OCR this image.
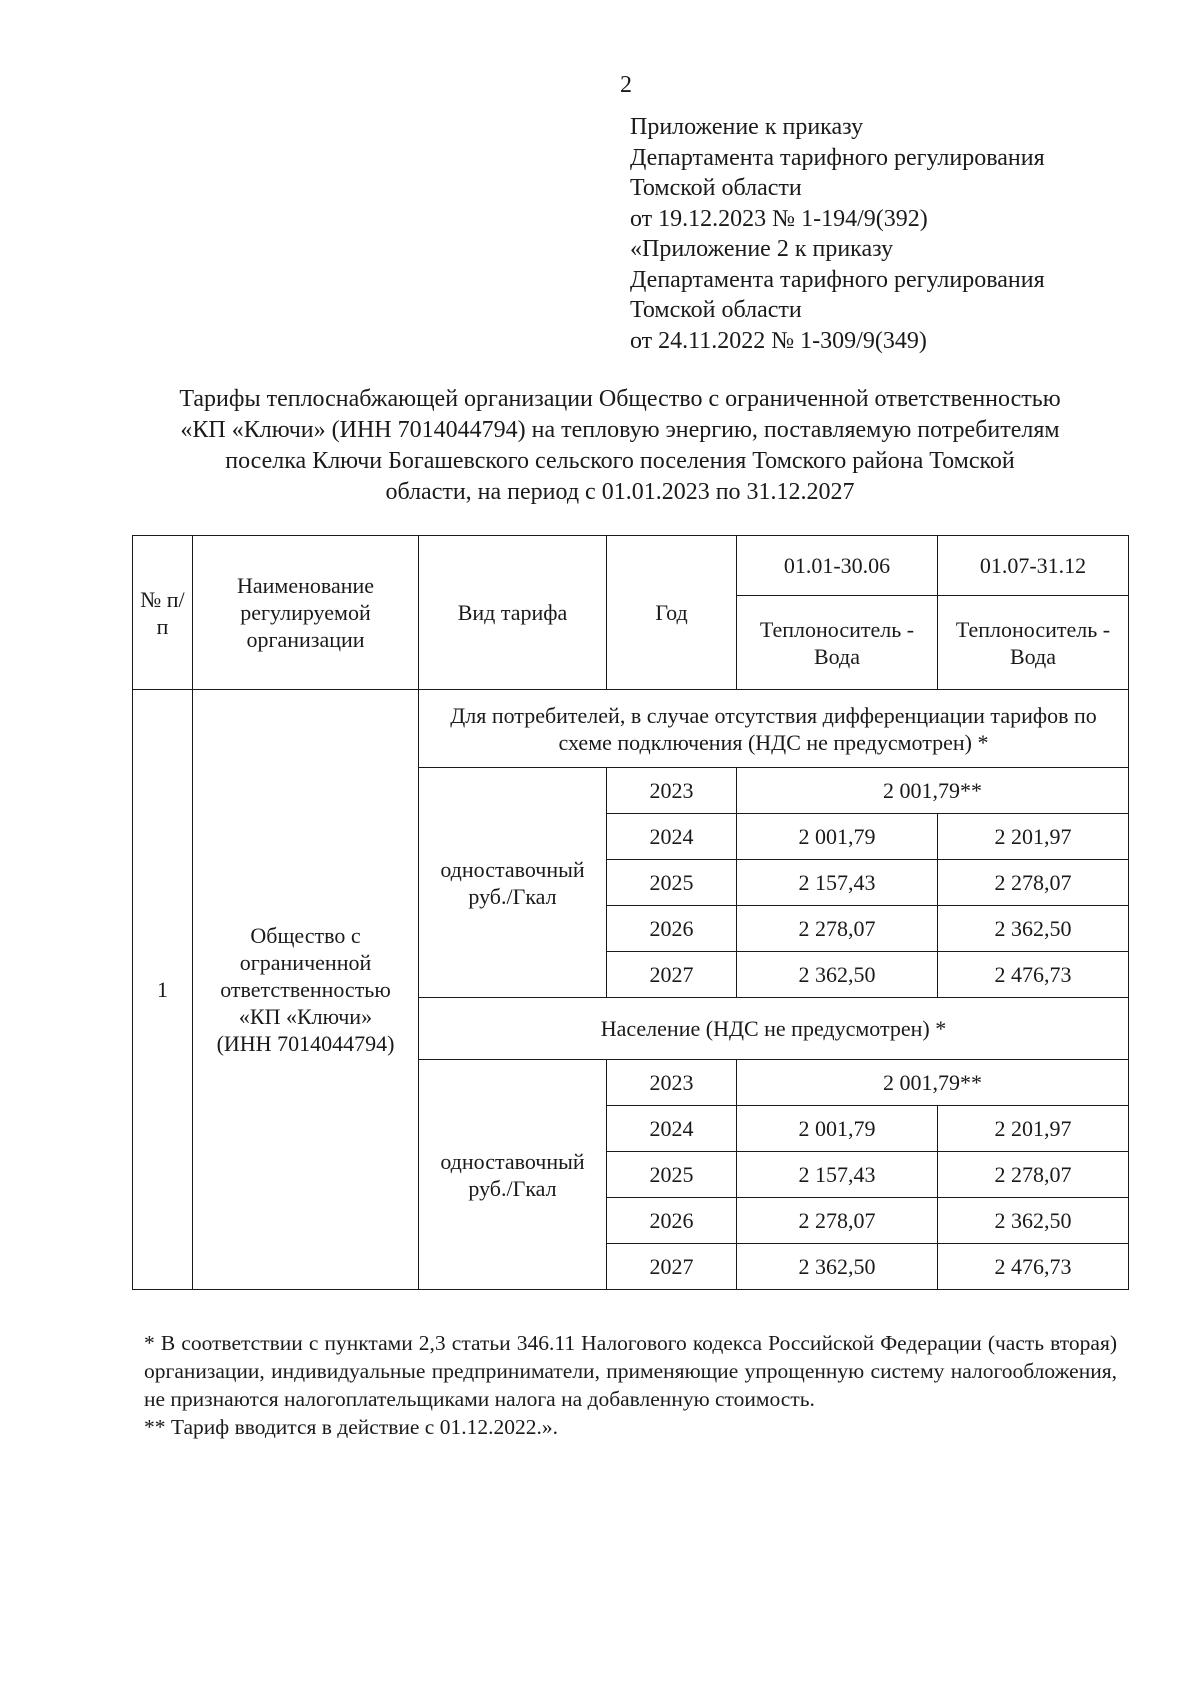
2
Приложение к приказу
Департамента тарифного регулирования
Томской области
от 19.12.2023 № 1-194/9(392)
«Приложение 2 к приказу
Департамента тарифного регулирования
Томской области
от 24.11.2022 № 1-309/9(349)
Тарифы теплоснабжающей организации Общество с ограниченной ответственностью
«КП «Ключи» (ИНН 7014044794) на тепловую энергию, поставляемую потребителям
поселка Ключи Богашевского сельского поселения Томского района Томской
области, на период с 01.01.2023 по 31.12.2027
№ п/п	Наименование регулируемой организации	Вид тарифа	Год	01.01-30.06	01.07-31.12
				Теплоноситель - Вода	Теплоноситель - Вода
1	Общество с
ограниченной
ответственностью
«КП «Ключи»
(ИНН 7014044794)	Для потребителей, в случае отсутствия дифференциации тарифов по схеме подключения (НДС не предусмотрен) *			
		одноставочный руб./Гкал	2023	2 001,79**	
			2024	2 001,79	2 201,97
			2025	2 157,43	2 278,07
			2026	2 278,07	2 362,50
			2027	2 362,50	2 476,73
		Население (НДС не предусмотрен) *			
		одноставочный руб./Гкал	2023	2 001,79**	
			2024	2 001,79	2 201,97
			2025	2 157,43	2 278,07
			2026	2 278,07	2 362,50
			2027	2 362,50	2 476,73

* В соответствии с пунктами 2,3 статьи 346.11 Налогового кодекса Российской Федерации (часть вторая) организации, индивидуальные предприниматели, применяющие упрощенную систему налогообложения, не признаются налогоплательщиками налога на добавленную стоимость.

** Тариф вводится в действие с 01.12.2022.».
